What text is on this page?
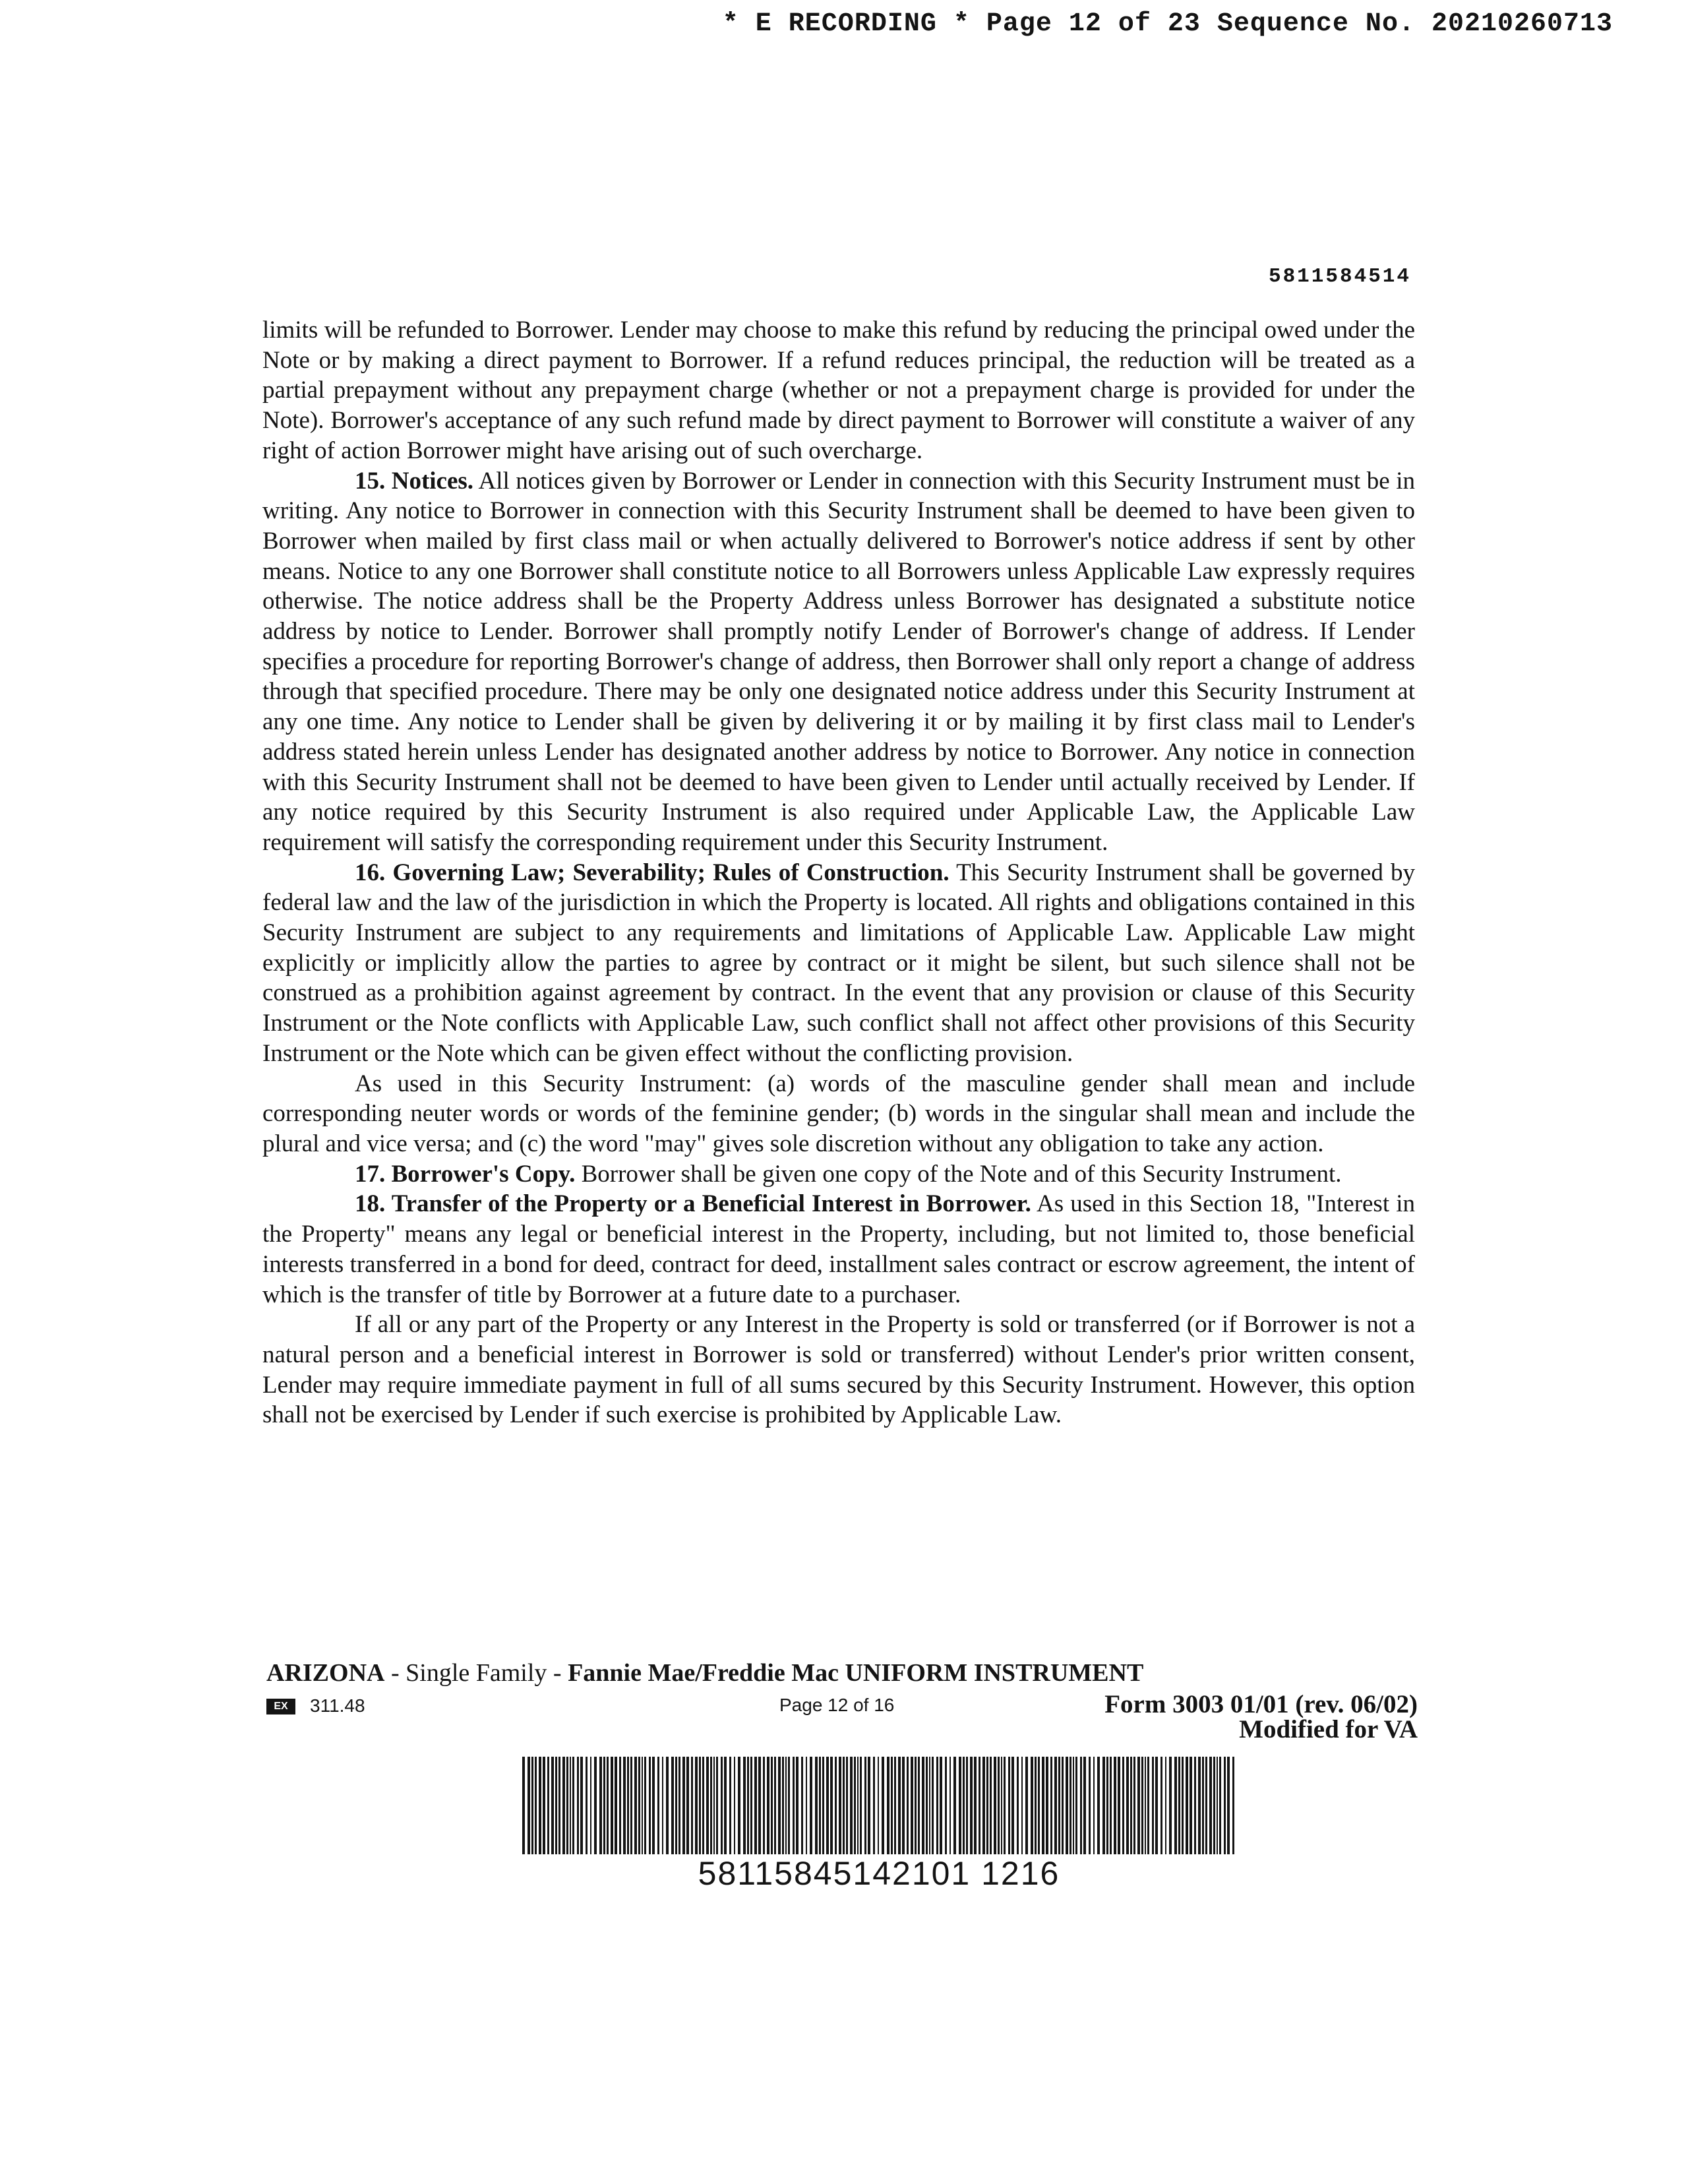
* E RECORDING * Page 12 of 23 Sequence No. 20210260713
5811584514

limits will be refunded to Borrower. Lender may choose to make this refund by reducing the principal owed under the Note or by making a direct payment to Borrower. If a refund reduces principal, the reduction will be treated as a partial prepayment without any prepayment charge (whether or not a prepayment charge is provided for under the Note). Borrower's acceptance of any such refund made by direct payment to Borrower will constitute a waiver of any right of action Borrower might have arising out of such overcharge.

15. Notices. All notices given by Borrower or Lender in connection with this Security Instrument must be in writing. Any notice to Borrower in connection with this Security Instrument shall be deemed to have been given to Borrower when mailed by first class mail or when actually delivered to Borrower's notice address if sent by other means. Notice to any one Borrower shall constitute notice to all Borrowers unless Applicable Law expressly requires otherwise. The notice address shall be the Property Address unless Borrower has designated a substitute notice address by notice to Lender. Borrower shall promptly notify Lender of Borrower's change of address. If Lender specifies a procedure for reporting Borrower's change of address, then Borrower shall only report a change of address through that specified procedure. There may be only one designated notice address under this Security Instrument at any one time. Any notice to Lender shall be given by delivering it or by mailing it by first class mail to Lender's address stated herein unless Lender has designated another address by notice to Borrower. Any notice in connection with this Security Instrument shall not be deemed to have been given to Lender until actually received by Lender. If any notice required by this Security Instrument is also required under Applicable Law, the Applicable Law requirement will satisfy the corresponding requirement under this Security Instrument.

16. Governing Law; Severability; Rules of Construction. This Security Instrument shall be governed by federal law and the law of the jurisdiction in which the Property is located. All rights and obligations contained in this Security Instrument are subject to any requirements and limitations of Applicable Law. Applicable Law might explicitly or implicitly allow the parties to agree by contract or it might be silent, but such silence shall not be construed as a prohibition against agreement by contract. In the event that any provision or clause of this Security Instrument or the Note conflicts with Applicable Law, such conflict shall not affect other provisions of this Security Instrument or the Note which can be given effect without the conflicting provision.

As used in this Security Instrument: (a) words of the masculine gender shall mean and include corresponding neuter words or words of the feminine gender; (b) words in the singular shall mean and include the plural and vice versa; and (c) the word "may" gives sole discretion without any obligation to take any action.

17. Borrower's Copy. Borrower shall be given one copy of the Note and of this Security Instrument.

18. Transfer of the Property or a Beneficial Interest in Borrower. As used in this Section 18, "Interest in the Property" means any legal or beneficial interest in the Property, including, but not limited to, those beneficial interests transferred in a bond for deed, contract for deed, installment sales contract or escrow agreement, the intent of which is the transfer of title by Borrower at a future date to a purchaser.

If all or any part of the Property or any Interest in the Property is sold or transferred (or if Borrower is not a natural person and a beneficial interest in Borrower is sold or transferred) without Lender's prior written consent, Lender may require immediate payment in full of all sums secured by this Security Instrument. However, this option shall not be exercised by Lender if such exercise is prohibited by Applicable Law.

ARIZONA - Single Family - Fannie Mae/Freddie Mac UNIFORM INSTRUMENT
EX	311.48	Page 12 of 16	Form 3003 01/01 (rev. 06/02)
Modified for VA
58115845142101 1216
